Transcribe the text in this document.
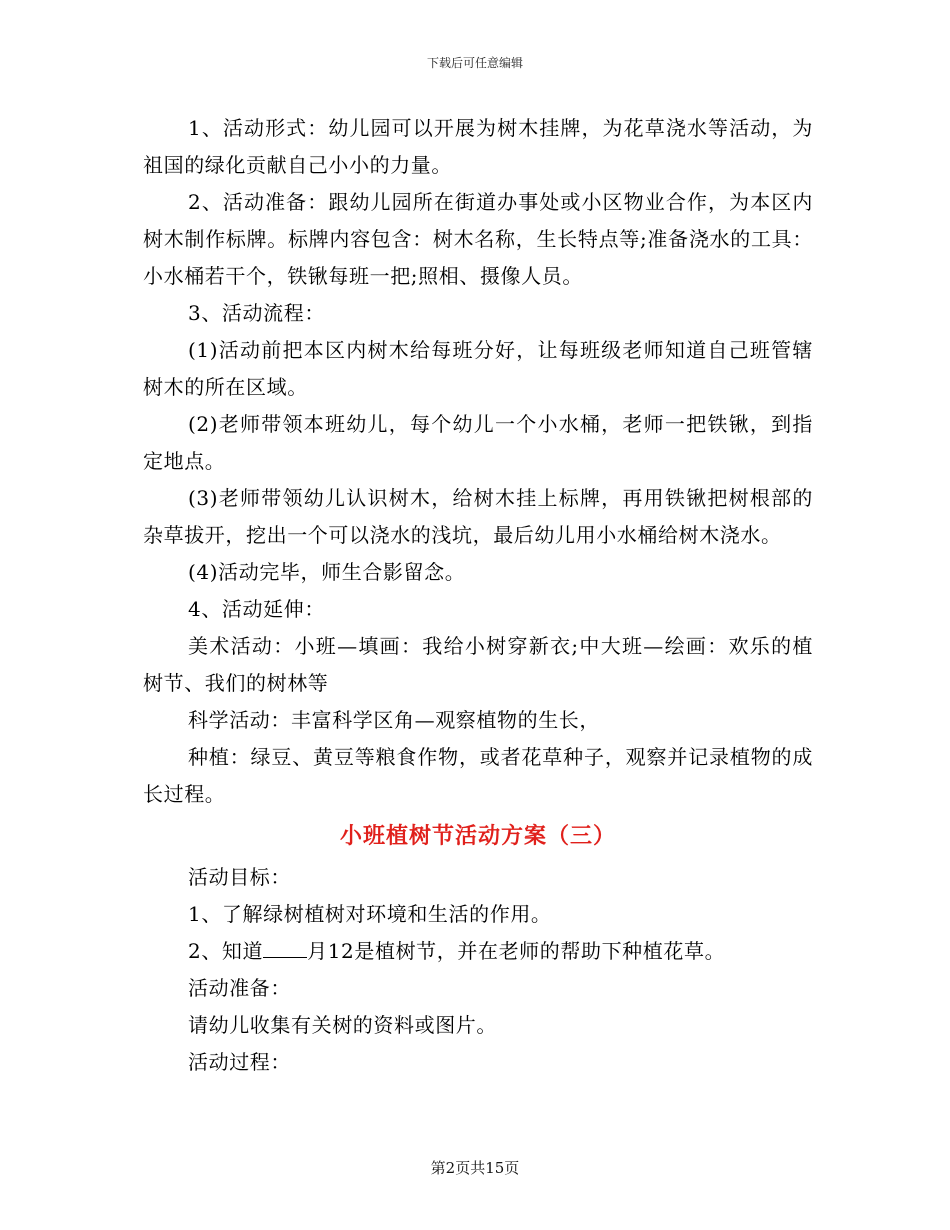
下载后可任意编辑

1、活动形式：幼儿园可以开展为树木挂牌，为花草浇水等活动，为祖国的绿化贡献自己小小的力量。

2、活动准备：跟幼儿园所在街道办事处或小区物业合作，为本区内树木制作标牌。标牌内容包含：树木名称，生长特点等;准备浇水的工具：小水桶若干个，铁锹每班一把;照相、摄像人员。

3、活动流程：

(1)活动前把本区内树木给每班分好，让每班级老师知道自己班管辖树木的所在区域。

(2)老师带领本班幼儿，每个幼儿一个小水桶，老师一把铁锹，到指定地点。

(3)老师带领幼儿认识树木，给树木挂上标牌，再用铁锹把树根部的杂草拔开，挖出一个可以浇水的浅坑，最后幼儿用小水桶给树木浇水。

(4)活动完毕，师生合影留念。

4、活动延伸：

美术活动：小班—填画：我给小树穿新衣;中大班—绘画：欢乐的植树节、我们的树林等

科学活动：丰富科学区角—观察植物的生长，

种植：绿豆、黄豆等粮食作物，或者花草种子，观察并记录植物的成长过程。

小班植树节活动方案（三）

活动目标：

1、了解绿树植树对环境和生活的作用。

2、知道 月12是植树节，并在老师的帮助下种植花草。

活动准备：

请幼儿收集有关树的资料或图片。

活动过程：

第2页共15页
